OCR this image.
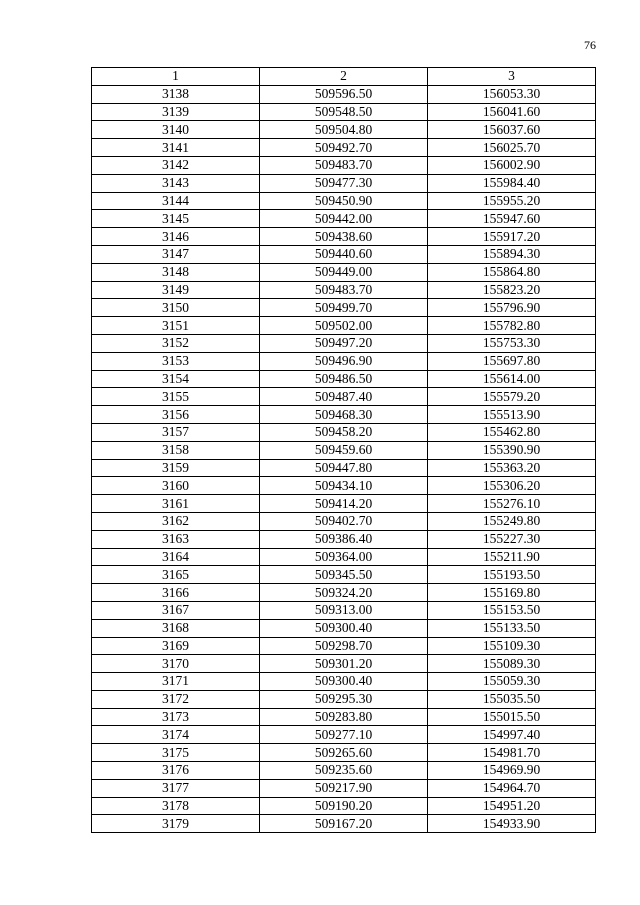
76
1	2	3
3138	509596.50	156053.30
3139	509548.50	156041.60
3140	509504.80	156037.60
3141	509492.70	156025.70
3142	509483.70	156002.90
3143	509477.30	155984.40
3144	509450.90	155955.20
3145	509442.00	155947.60
3146	509438.60	155917.20
3147	509440.60	155894.30
3148	509449.00	155864.80
3149	509483.70	155823.20
3150	509499.70	155796.90
3151	509502.00	155782.80
3152	509497.20	155753.30
3153	509496.90	155697.80
3154	509486.50	155614.00
3155	509487.40	155579.20
3156	509468.30	155513.90
3157	509458.20	155462.80
3158	509459.60	155390.90
3159	509447.80	155363.20
3160	509434.10	155306.20
3161	509414.20	155276.10
3162	509402.70	155249.80
3163	509386.40	155227.30
3164	509364.00	155211.90
3165	509345.50	155193.50
3166	509324.20	155169.80
3167	509313.00	155153.50
3168	509300.40	155133.50
3169	509298.70	155109.30
3170	509301.20	155089.30
3171	509300.40	155059.30
3172	509295.30	155035.50
3173	509283.80	155015.50
3174	509277.10	154997.40
3175	509265.60	154981.70
3176	509235.60	154969.90
3177	509217.90	154964.70
3178	509190.20	154951.20
3179	509167.20	154933.90
